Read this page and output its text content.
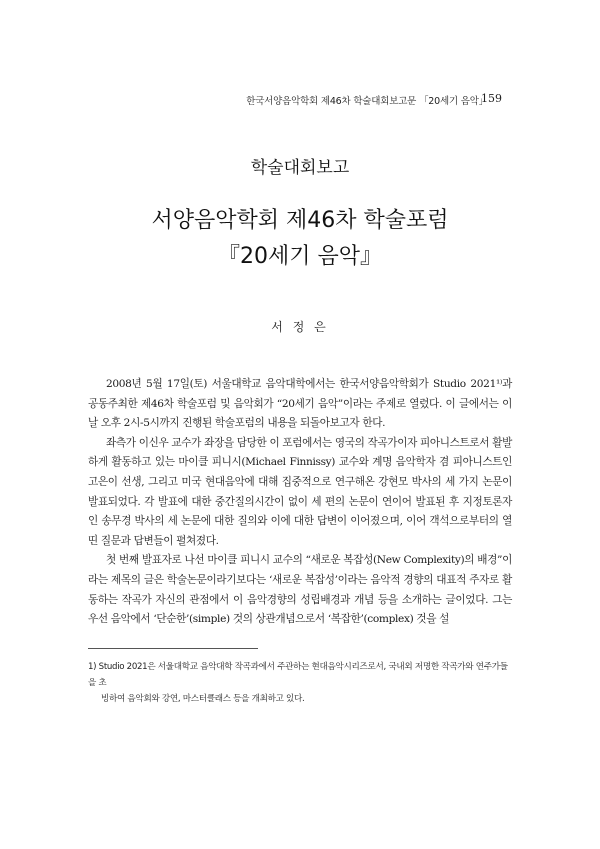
한국서양음악학회 제46차 학술대회보고문 「20세기 음악」
159
학술대회보고
서양음악학회 제46차 학술포럼
『20세기 음악』
서 정 은

2008년 5월 17일(토) 서울대학교 음악대학에서는 한국서양음악학회가 Studio 2021¹⁾과 공동주최한 제46차 학술포럼 및 음악회가 “20세기 음악”이라는 주제로 열렸다. 이 글에서는 이날 오후 2시-5시까지 진행된 학술포럼의 내용을 되돌아보고자 한다.

좌측가 이신우 교수가 좌장을 담당한 이 포럼에서는 영국의 작곡가이자 피아니스트로서 활발하게 활동하고 있는 마이클 피니시(Michael Finnissy) 교수와 계명 음악학자 겸 피아니스트인 고은이 선생, 그리고 미국 현대음악에 대해 집중적으로 연구해온 강현모 박사의 세 가지 논문이 발표되었다. 각 발표에 대한 중간질의시간이 없이 세 편의 논문이 연이어 발표된 후 지정토론자인 송무경 박사의 세 논문에 대한 질의와 이에 대한 답변이 이어졌으며, 이어 객석으로부터의 열띤 질문과 답변들이 펼쳐졌다.

첫 번째 발표자로 나선 마이클 피니시 교수의 “새로운 복잡성(New Complexity)의 배경”이라는 제목의 글은 학술논문이라기보다는 ‘새로운 복잡성’이라는 음악적 경향의 대표적 주자로 활동하는 작곡가 자신의 관점에서 이 음악경향의 성립배경과 개념 등을 소개하는 글이었다. 그는 우선 음악에서 ‘단순한’(simple) 것의 상관개념으로서 ‘복잡한’(complex) 것을 설

1) Studio 2021은 서울대학교 음악대학 작곡과에서 주관하는 현대음악시리즈로서, 국내외 저명한 작곡가와 연주가들을 초
빙하여 음악회와 강연, 마스터클래스 등을 개최하고 있다.
